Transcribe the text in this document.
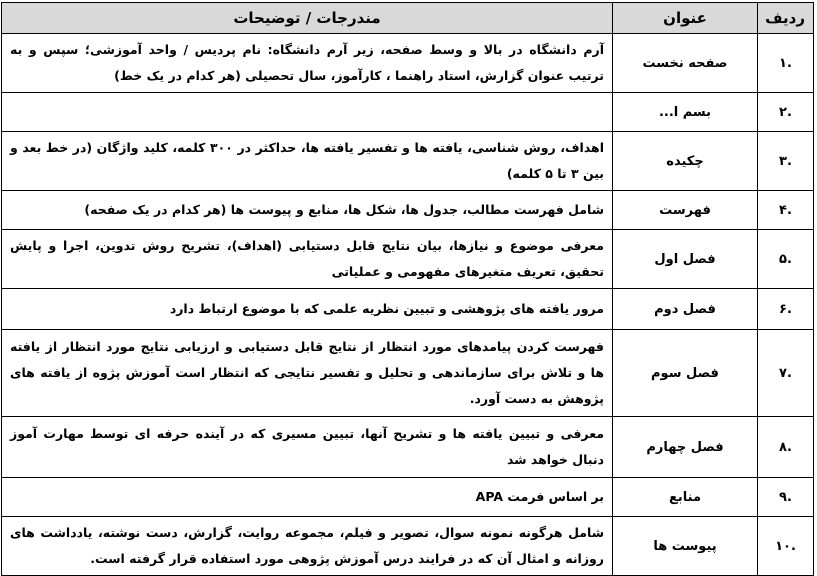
ردیف	عنوان	مندرجات / توضیحات
.۱	صفحه نخست	آرم دانشگاه در بالا و وسط صفحه، زیر آرم دانشگاه: نام پردیس / واحد آموزشی؛ سپس و به ترتیب عنوان گزارش، استاد راهنما ، کارآموز، سال تحصیلی (هر کدام در یک خط)
.۲	بسم ا...	
.۳	چکیده	اهداف، روش شناسی، یافته ها و تفسیر یافته ها، حداکثر در ۳۰۰ کلمه، کلید واژگان (در خط بعد و بین ۳ تا ۵ کلمه)
.۴	فهرست	شامل فهرست مطالب، جدول ها، شکل ها، منابع و پیوست ها (هر کدام در یک صفحه)
.۵	فصل اول	معرفی موضوع و نیازها، بیان نتایج قابل دستیابی (اهداف)، تشریح روش تدوین، اجرا و پایش تحقیق، تعریف متغیرهای مفهومی و عملیاتی
.۶	فصل دوم	مرور یافته های پژوهشی و تبیین نظریه علمی که با موضوع ارتباط دارد
.۷	فصل سوم	فهرست کردن پیامدهای مورد انتظار از نتایج قابل دستیابی و ارزیابی نتایج مورد انتظار از یافته ها و تلاش برای سازماندهی و تحلیل و تفسیر نتایجی که انتظار است آموزش پژوه از یافته های پژوهش به دست آورد.
.۸	فصل چهارم	معرفی و تبیین یافته ها و تشریح آنها، تبیین مسیری که در آینده حرفه ای توسط مهارت آموز دنبال خواهد شد
.۹	منابع	بر اساس فرمت APA
.۱۰	پیوست ها	شامل هرگونه نمونه سوال، تصویر و فیلم، مجموعه روایت، گزارش، دست نوشته، یادداشت های روزانه و امثال آن که در فرایند درس آموزش پژوهی مورد استفاده قرار گرفته است.
